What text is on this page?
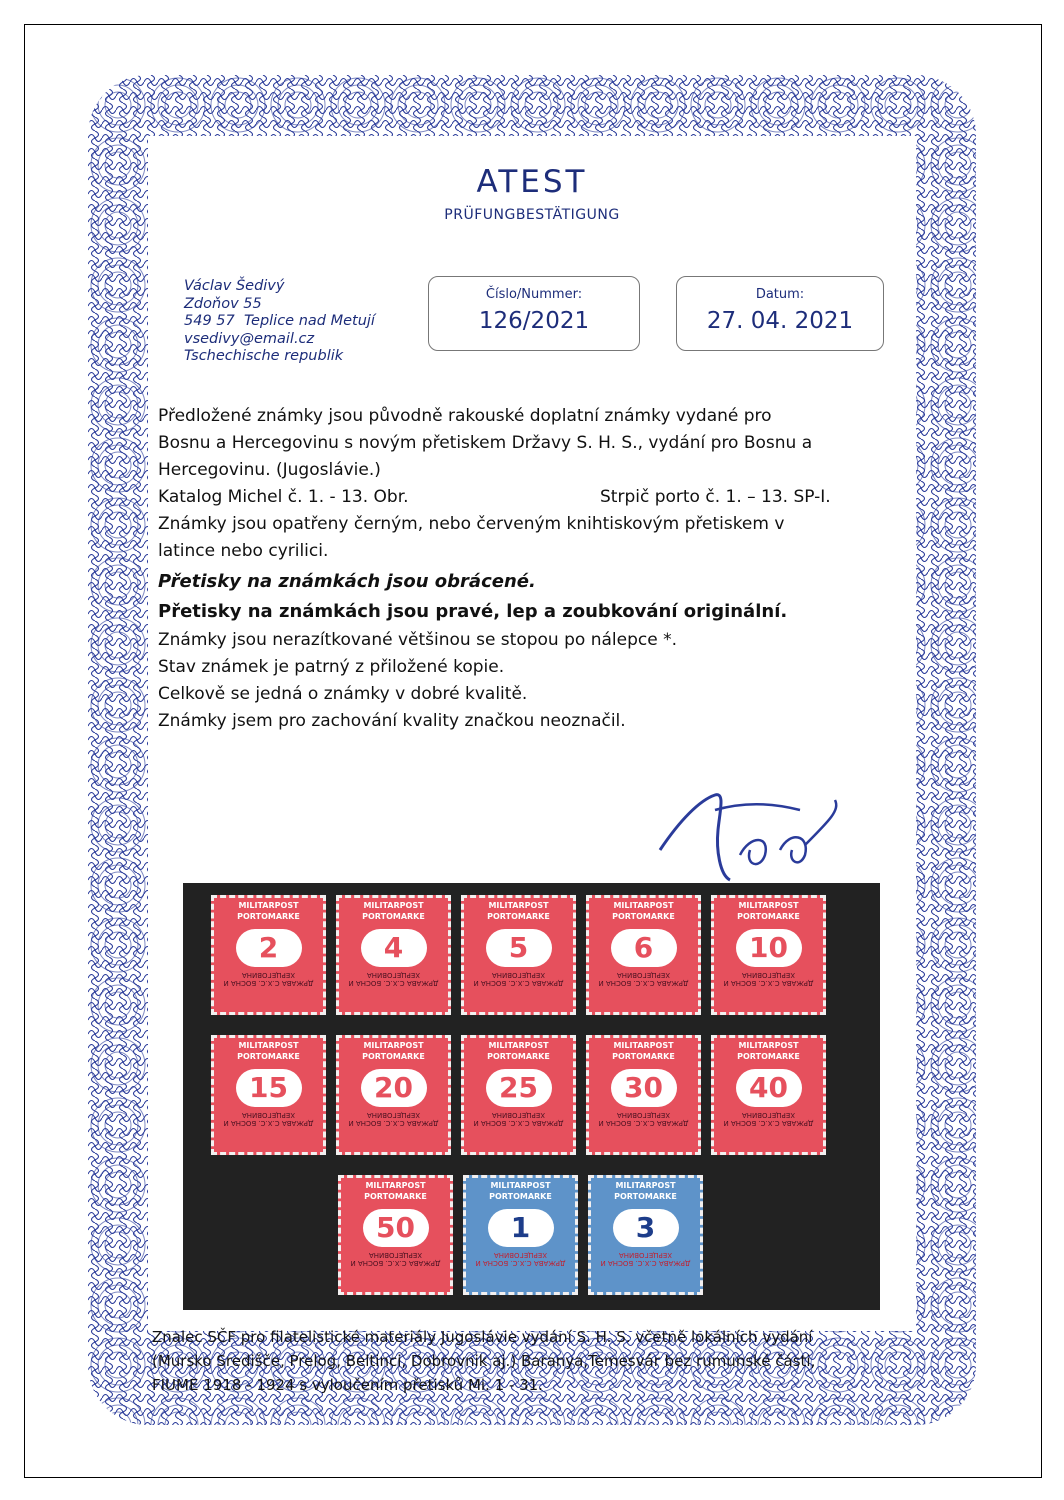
ATEST
PRÜFUNGBESTÄTIGUNG
Václav Šedivý
Zdoňov 55
549 57  Teplice nad Metují
vsedivy@email.cz
Tschechische republik
Číslo/Nummer:
126/2021
Datum:
27. 04. 2021

Předložené známky jsou původně rakouské doplatní známky vydané pro

Bosnu a Hercegovinu s novým přetiskem Državy S. H. S., vydání pro Bosnu a

Hercegovinu. (Jugoslávie.)

Katalog Michel č. 1. - 13. Obr.	Strpič porto č. 1. – 13. SP-I.

Známky jsou opatřeny černým, nebo červeným knihtiskovým přetiskem v

latince nebo cyrilici.

Přetisky na známkách jsou obrácené.

Přetisky na známkách jsou pravé, lep a zoubkování originální.

Známky jsou nerazítkované většinou se stopou po nálepce *.

Stav známek je patrný z přiložené kopie.

Celkově se jedná o známky v dobré kvalitě.

Známky jsem pro zachování kvality značkou neoznačil.

MILITARPOST
PORTOMARKE
2
ДРЖАВА С.Х.С. БОСНА И ХЕРЦЕГОВИНА
MILITARPOST
PORTOMARKE
4
ДРЖАВА С.Х.С. БОСНА И ХЕРЦЕГОВИНА
MILITARPOST
PORTOMARKE
5
ДРЖАВА С.Х.С. БОСНА И ХЕРЦЕГОВИНА
MILITARPOST
PORTOMARKE
6
ДРЖАВА С.Х.С. БОСНА И ХЕРЦЕГОВИНА
MILITARPOST
PORTOMARKE
10
ДРЖАВА С.Х.С. БОСНА И ХЕРЦЕГОВИНА
MILITARPOST
PORTOMARKE
15
ДРЖАВА С.Х.С. БОСНА И ХЕРЦЕГОВИНА
MILITARPOST
PORTOMARKE
20
ДРЖАВА С.Х.С. БОСНА И ХЕРЦЕГОВИНА
MILITARPOST
PORTOMARKE
25
ДРЖАВА С.Х.С. БОСНА И ХЕРЦЕГОВИНА
MILITARPOST
PORTOMARKE
30
ДРЖАВА С.Х.С. БОСНА И ХЕРЦЕГОВИНА
MILITARPOST
PORTOMARKE
40
ДРЖАВА С.Х.С. БОСНА И ХЕРЦЕГОВИНА
MILITARPOST
PORTOMARKE
50
ДРЖАВА С.Х.С. БОСНА И ХЕРЦЕГОВИНА
MILITARPOST
PORTOMARKE
1
ДРЖАВА С.Х.С. БОСНА И ХЕРЦЕГОВИНА
MILITARPOST
PORTOMARKE
3
ДРЖАВА С.Х.С. БОСНА И ХЕРЦЕГОВИНА
Znalec SČF pro filatelistické materiály Jugoslávie vydání S. H. S. včetně lokálních vydání
(Mursko Središče, Prelog, Beltinci, Dobrovnik aj.) Baranya,Temesvár bez rumunské části,
FIUME 1918 - 1924 s vyloučením přetisků Mi. 1 - 31.
